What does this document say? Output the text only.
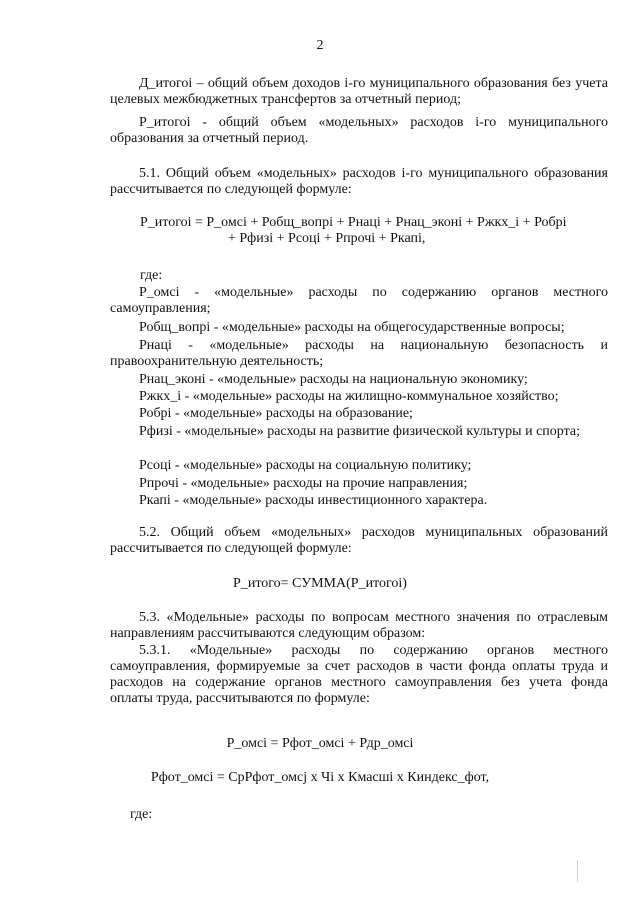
2
Д_итогоі – общий объем доходов і-го муниципального образования без учета целевых межбюджетных трансфертов за отчетный период;
Р_итогоі - общий объем «модельных» расходов і-го муниципального образования за отчетный период.
5.1. Общий объем «модельных» расходов і-го муниципального образования рассчитывается по следующей формуле:
Р_итогоі = Р_омсі + Робщ_вопрі + Рнаці + Рнац_эконі + Ржкх_і + Робрі
+ Рфизі + Рсоці + Рпрочі + Ркапі,
где:
Р_омсі - «модельные» расходы по содержанию органов местного самоуправления;
Робщ_вопрі - «модельные» расходы на общегосударственные вопросы;
Рнаці - «модельные» расходы на национальную безопасность и правоохранительную деятельность;
Рнац_эконі - «модельные» расходы на национальную экономику;
Ржкх_і - «модельные» расходы на жилищно-коммунальное хозяйство;
Робрі - «модельные» расходы на образование;
Рфизі - «модельные» расходы на развитие физической культуры и спорта;
Рсоці - «модельные» расходы на социальную политику;
Рпрочі - «модельные» расходы на прочие направления;
Ркапі - «модельные» расходы инвестиционного характера.
5.2. Общий объем «модельных» расходов муниципальных образований рассчитывается по следующей формуле:
Р_итого= СУММА(Р_итогоі)
5.3. «Модельные» расходы по вопросам местного значения по отраслевым направлениям рассчитываются следующим образом:
5.3.1. «Модельные» расходы по содержанию органов местного самоуправления, формируемые за счет расходов в части фонда оплаты труда и расходов на содержание органов местного самоуправления без учета фонда оплаты труда, рассчитываются по формуле:
Р_омсі = Рфот_омсі + Рдр_омсі
Рфот_омсі = СрРфот_омсj x Чі x Кмасші x Киндекс_фот,
где:
